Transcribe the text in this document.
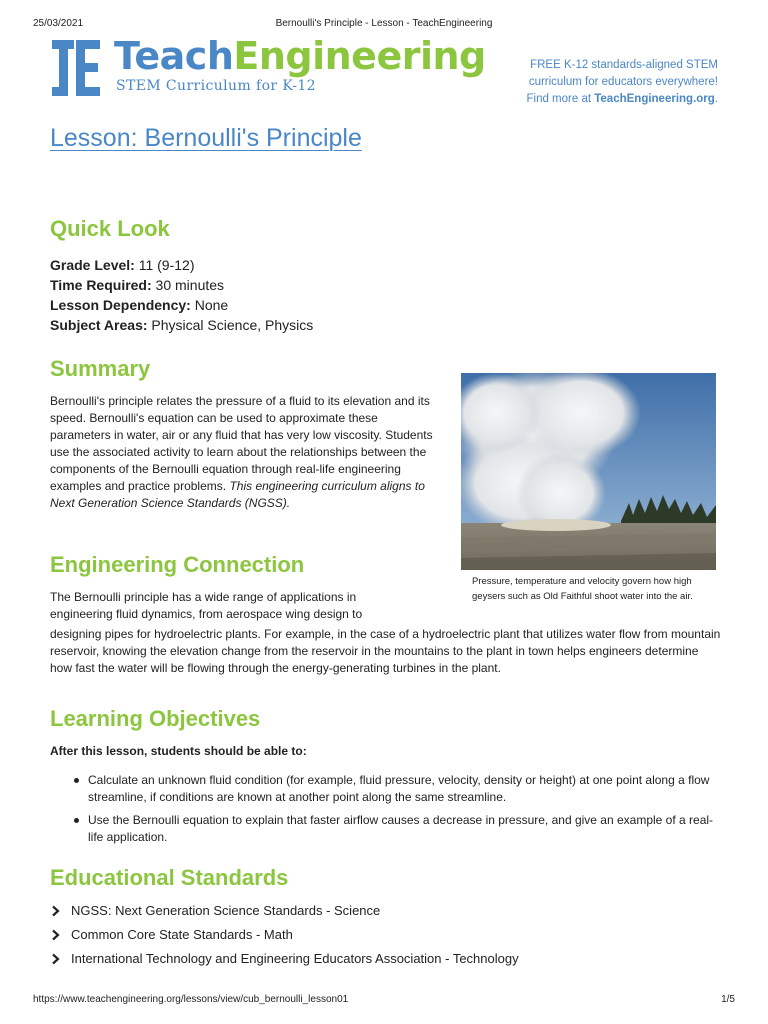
25/03/2021	Bernoulli's Principle - Lesson - TeachEngineering
TeachEngineering
STEM Curriculum for K-12
FREE K-12 standards-aligned STEM
curriculum for educators everywhere!
Find more at TeachEngineering.org.
Lesson: Bernoulli's Principle
Quick Look
Grade Level: 11 (9-12)
Time Required: 30 minutes
Lesson Dependency: None
Subject Areas: Physical Science, Physics
Summary
Bernoulli's principle relates the pressure of a fluid to its elevation and its speed. Bernoulli's equation can be used to approximate these parameters in water, air or any fluid that has very low viscosity. Students use the associated activity to learn about the relationships between the components of the Bernoulli equation through real-life engineering examples and practice problems. This engineering curriculum aligns to Next Generation Science Standards (NGSS).
Pressure, temperature and velocity govern how high geysers such as Old Faithful shoot water into the air.
Engineering Connection
The Bernoulli principle has a wide range of applications in engineering fluid dynamics, from aerospace wing design to
designing pipes for hydroelectric plants. For example, in the case of a hydroelectric plant that utilizes water flow from mountain reservoir, knowing the elevation change from the reservoir in the mountains to the plant in town helps engineers determine how fast the water will be flowing through the energy-generating turbines in the plant.
Learning Objectives
After this lesson, students should be able to:
Calculate an unknown fluid condition (for example, fluid pressure, velocity, density or height) at one point along a flow streamline, if conditions are known at another point along the same streamline.
Use the Bernoulli equation to explain that faster airflow causes a decrease in pressure, and give an example of a real-life application.
Educational Standards
NGSS: Next Generation Science Standards - Science
Common Core State Standards - Math
International Technology and Engineering Educators Association - Technology
https://www.teachengineering.org/lessons/view/cub_bernoulli_lesson01	1/5
